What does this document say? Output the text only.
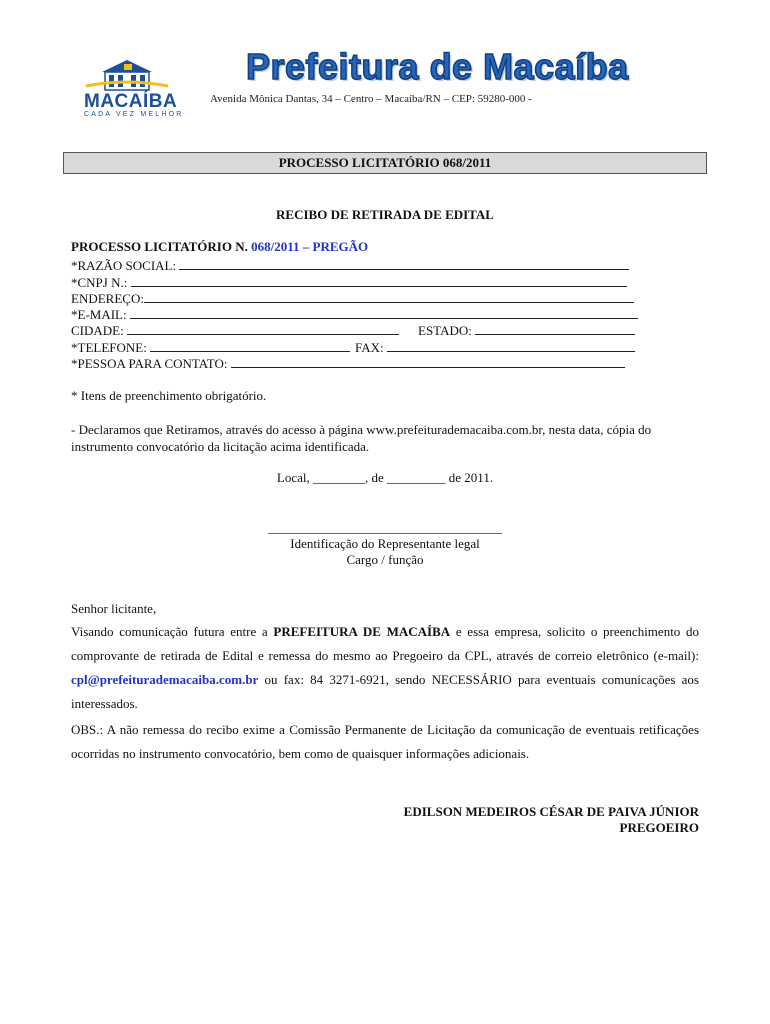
MACAÍBA
CADA VEZ MELHOR
Prefeitura de Macaíba
Avenida Mônica Dantas, 34 – Centro – Macaíba/RN – CEP: 59280-000 -
PROCESSO LICITATÓRIO 068/2011
RECIBO DE RETIRADA DE EDITAL
PROCESSO LICITATÓRIO N. 068/2011 – PREGÃO
*RAZÃO SOCIAL:
*CNPJ N.:
ENDEREÇO:
*E-MAIL:
CIDADE:	ESTADO:
*TELEFONE:	FAX:
*PESSOA PARA CONTATO:
* Itens de preenchimento obrigatório.
- Declaramos que Retiramos, através do acesso à página www.prefeiturademacaiba.com.br, nesta data, cópia do instrumento convocatório da licitação acima identificada.
Local, ________, de _________ de 2011.
____________________________________
Identificação do Representante legal
Cargo / função
Senhor licitante,
Visando comunicação futura entre a PREFEITURA DE MACAÍBA e essa empresa, solicito o preenchimento do comprovante de retirada de Edital e remessa do mesmo ao Pregoeiro da CPL, através de correio eletrônico (e-mail): cpl@prefeiturademacaiba.com.br ou fax: 84 3271-6921, sendo NECESSÁRIO para eventuais comunicações aos interessados.
OBS.: A não remessa do recibo exime a Comissão Permanente de Licitação da comunicação de eventuais retificações ocorridas no instrumento convocatório, bem como de quaisquer informações adicionais.
EDILSON MEDEIROS CÉSAR DE PAIVA JÚNIOR
PREGOEIRO
